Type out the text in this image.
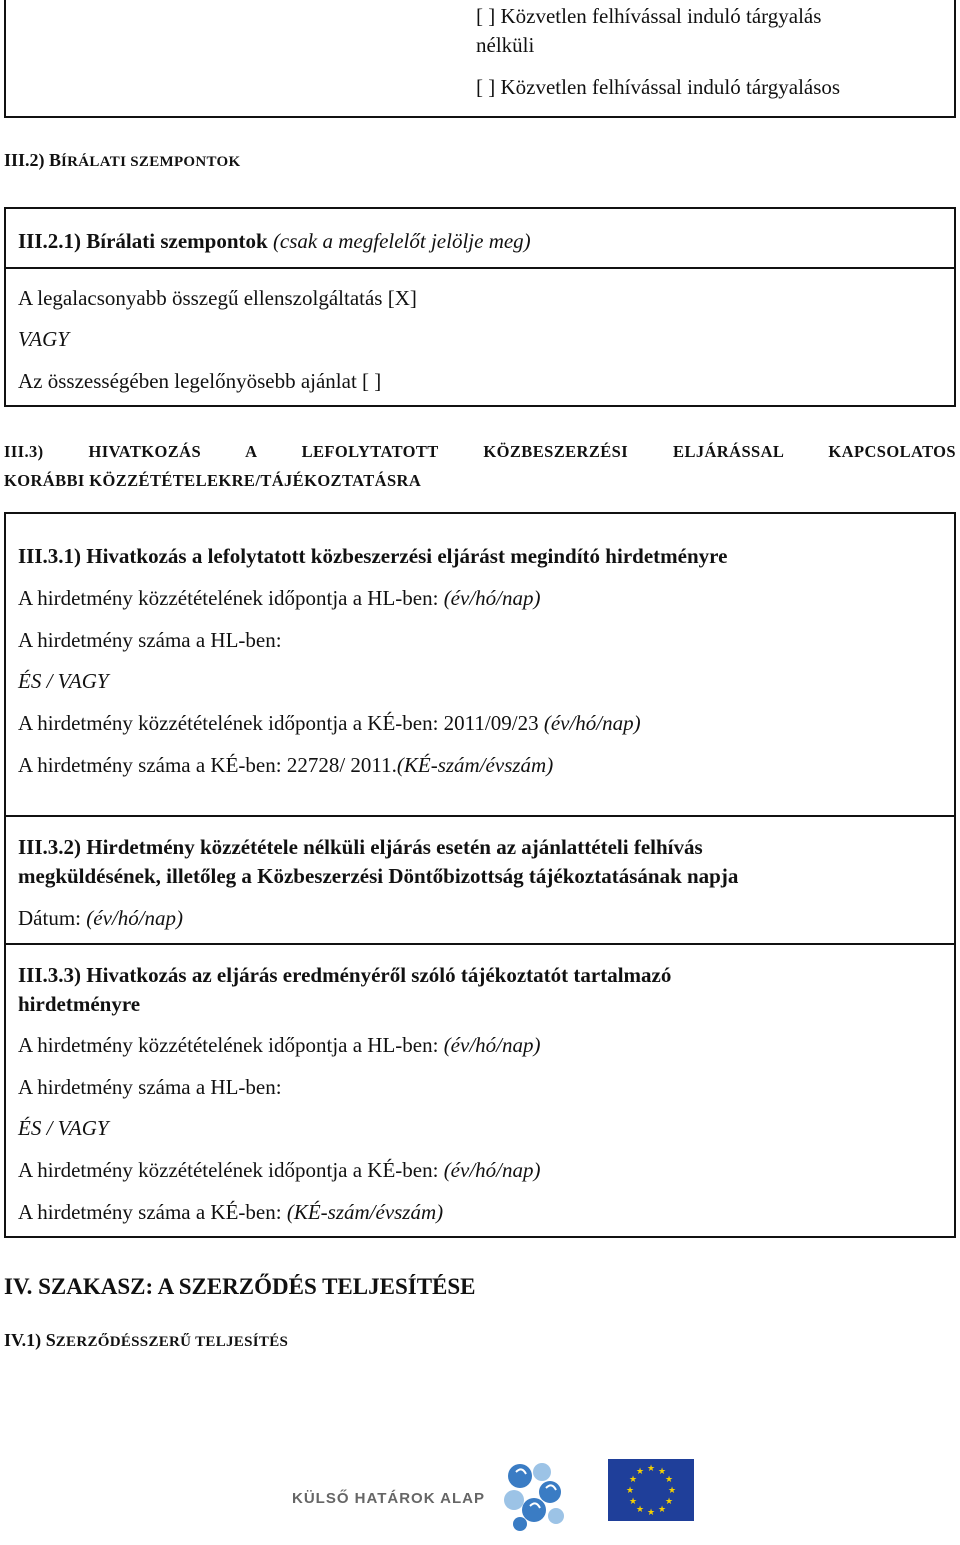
[ ] Közvetlen felhívással induló tárgyalás
nélküli
[ ] Közvetlen felhívással induló tárgyalásos
III.2) BÍRÁLATI SZEMPONTOK
III.2.1) Bírálati szempontok (csak a megfelelőt jelölje meg)
A legalacsonyabb összegű ellenszolgáltatás [X]
VAGY
Az összességében legelőnyösebb ajánlat [ ]
III.3) HIVATKOZÁS A LEFOLYTATOTT KÖZBESZERZÉSI ELJÁRÁSSAL KAPCSOLATOS
KORÁBBI KÖZZÉTÉTELEKRE/TÁJÉKOZTATÁSRA
III.3.1) Hivatkozás a lefolytatott közbeszerzési eljárást megindító hirdetményre
A hirdetmény közzétételének időpontja a HL-ben: (év/hó/nap)
A hirdetmény száma a HL-ben:
ÉS / VAGY
A hirdetmény közzétételének időpontja a KÉ-ben: 2011/09/23 (év/hó/nap)
A hirdetmény száma a KÉ-ben: 22728/ 2011.(KÉ-szám/évszám)
III.3.2) Hirdetmény közzététele nélküli eljárás esetén az ajánlattételi felhívás
megküldésének, illetőleg a Közbeszerzési Döntőbizottság tájékoztatásának napja
Dátum: (év/hó/nap)
III.3.3) Hivatkozás az eljárás eredményéről szóló tájékoztatót tartalmazó
hirdetményre
A hirdetmény közzétételének időpontja a HL-ben: (év/hó/nap)
A hirdetmény száma a HL-ben:
ÉS / VAGY
A hirdetmény közzétételének időpontja a KÉ-ben: (év/hó/nap)
A hirdetmény száma a KÉ-ben: (KÉ-szám/évszám)
IV. SZAKASZ: A SZERZŐDÉS TELJESÍTÉSE
IV.1) SZERZŐDÉSSZERŰ TELJESÍTÉS
KÜLSŐ HATÁROK ALAP
★ ★
★
★
★
★
★
★
★
★
★
★
